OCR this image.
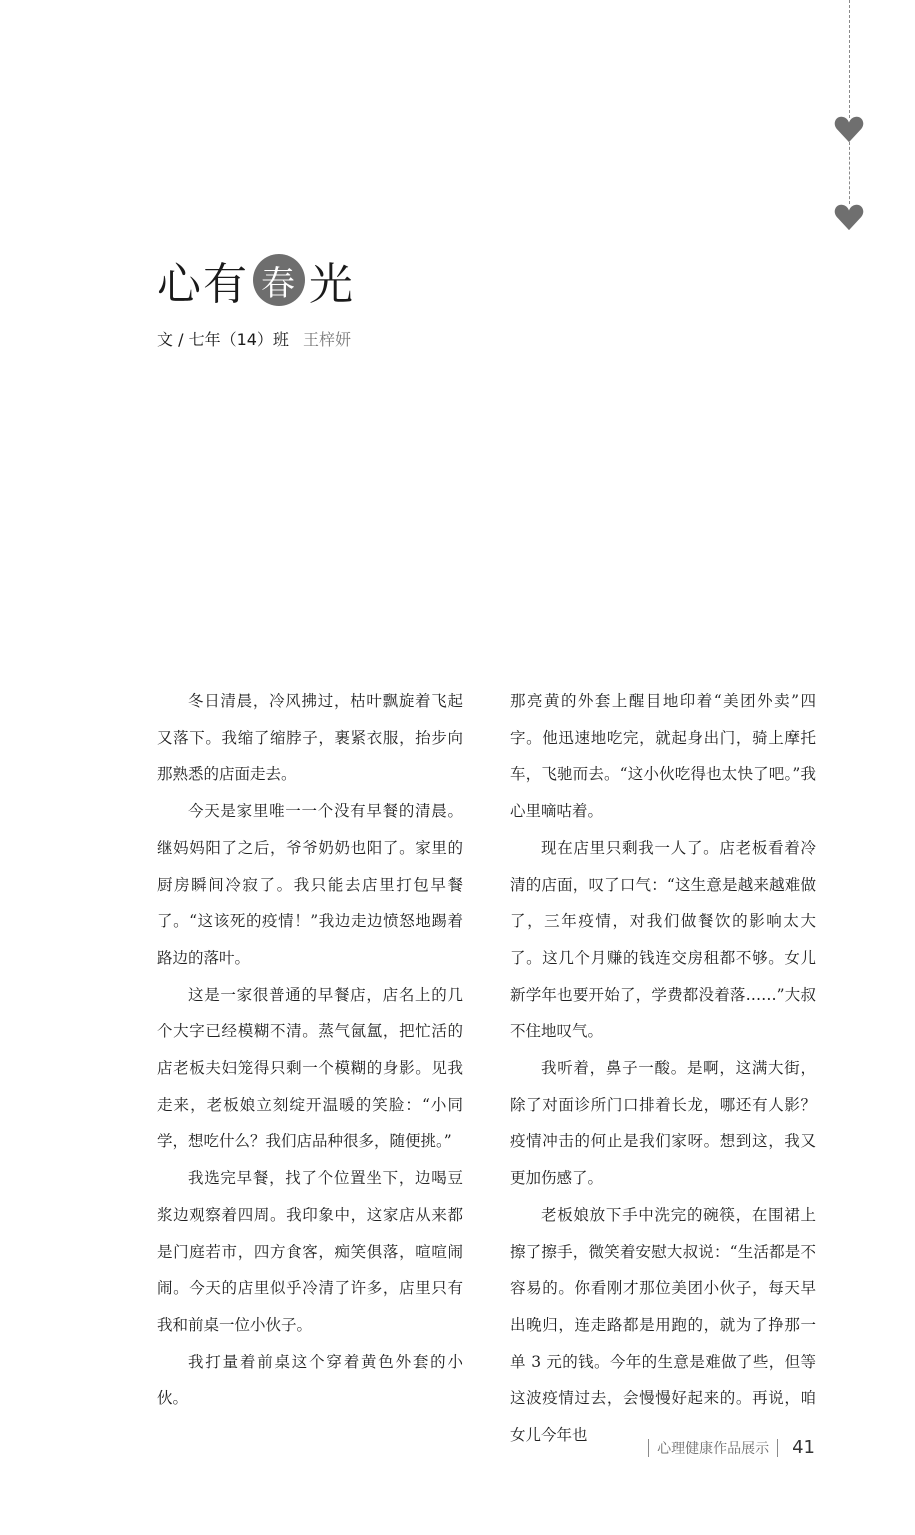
心有 春 光
文 / 七年（14）班 王梓妍

冬日清晨，冷风拂过，枯叶飘旋着飞起又落下。我缩了缩脖子，裹紧衣服，抬步向那熟悉的店面走去。

今天是家里唯一一个没有早餐的清晨。继妈妈阳了之后，爷爷奶奶也阳了。家里的厨房瞬间冷寂了。我只能去店里打包早餐了。“这该死的疫情！”我边走边愤怒地踢着路边的落叶。

这是一家很普通的早餐店，店名上的几个大字已经模糊不清。蒸气氤氲，把忙活的店老板夫妇笼得只剩一个模糊的身影。见我走来，老板娘立刻绽开温暖的笑脸：“小同学，想吃什么？我们店品种很多，随便挑。”

我选完早餐，找了个位置坐下，边喝豆浆边观察着四周。我印象中，这家店从来都是门庭若市，四方食客，痴笑俱落，喧喧闹闹。今天的店里似乎冷清了许多，店里只有我和前桌一位小伙子。

我打量着前桌这个穿着黄色外套的小伙。

那亮黄的外套上醒目地印着“美团外卖”四字。他迅速地吃完，就起身出门，骑上摩托车，飞驰而去。“这小伙吃得也太快了吧。”我心里嘀咕着。

现在店里只剩我一人了。店老板看着冷清的店面，叹了口气：“这生意是越来越难做了，三年疫情，对我们做餐饮的影响太大了。这几个月赚的钱连交房租都不够。女儿新学年也要开始了，学费都没着落……”大叔不住地叹气。

我听着，鼻子一酸。是啊，这满大街，除了对面诊所门口排着长龙，哪还有人影？疫情冲击的何止是我们家呀。想到这，我又更加伤感了。

老板娘放下手中洗完的碗筷，在围裙上擦了擦手，微笑着安慰大叔说：“生活都是不容易的。你看刚才那位美团小伙子，每天早出晚归，连走路都是用跑的，就为了挣那一单 3 元的钱。今年的生意是难做了些，但等这波疫情过去，会慢慢好起来的。再说，咱女儿今年也

心理健康作品展示 41
